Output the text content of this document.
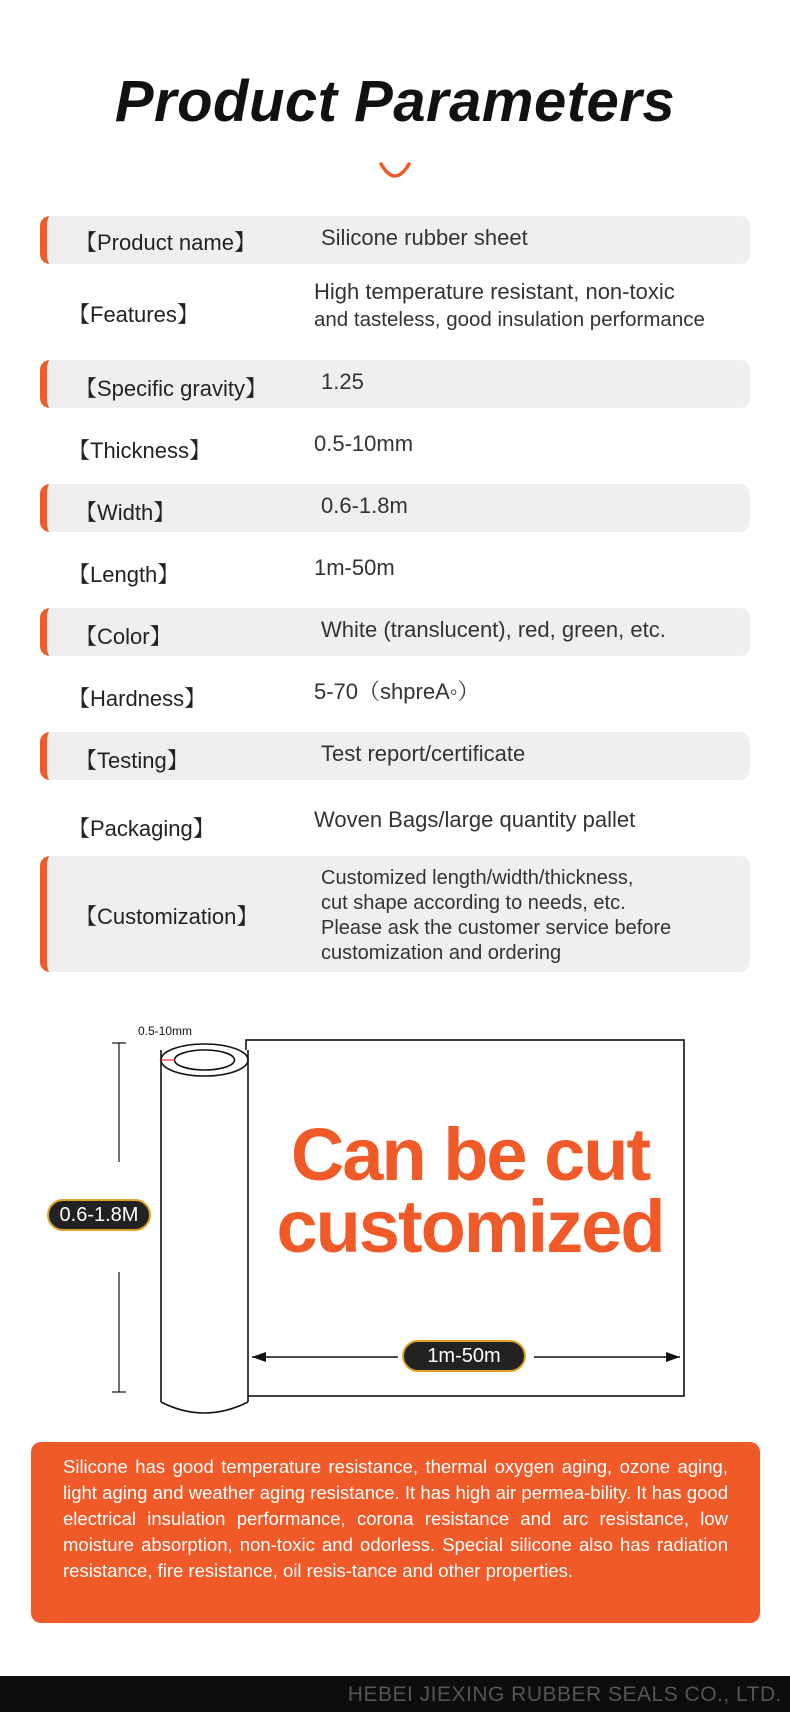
Product Parameters
【Product name】	Silicone rubber sheet
【Features】
High temperature resistant, non-toxic
and tasteless, good insulation performance
【Specific gravity】 1.25
【Thickness】	0.5-10mm
【Width】	0.6-1.8m
【Length】	1m-50m
【Color】	White (translucent), red, green, etc.
【Hardness】	5-70（shpreA◦）
【Testing】	Test report/certificate
【Packaging】	Woven Bags/large quantity pallet
【Customization】
Customized length/width/thickness,
cut shape according to needs, etc.
Please ask the customer service before
customization and ordering
0.5-10mm
0.6-1.8M
1m-50m
Can be cut
customized
Silicone has good temperature resistance, thermal oxygen aging, ozone aging, light aging and weather aging resistance. It has high air permea-bility. It has good electrical insulation performance, corona resistance and arc resistance, low moisture absorption, non-toxic and odorless. Special silicone also has radiation resistance, fire resistance, oil resis-tance and other properties.
HEBEI JIEXING RUBBER SEALS CO., LTD.
